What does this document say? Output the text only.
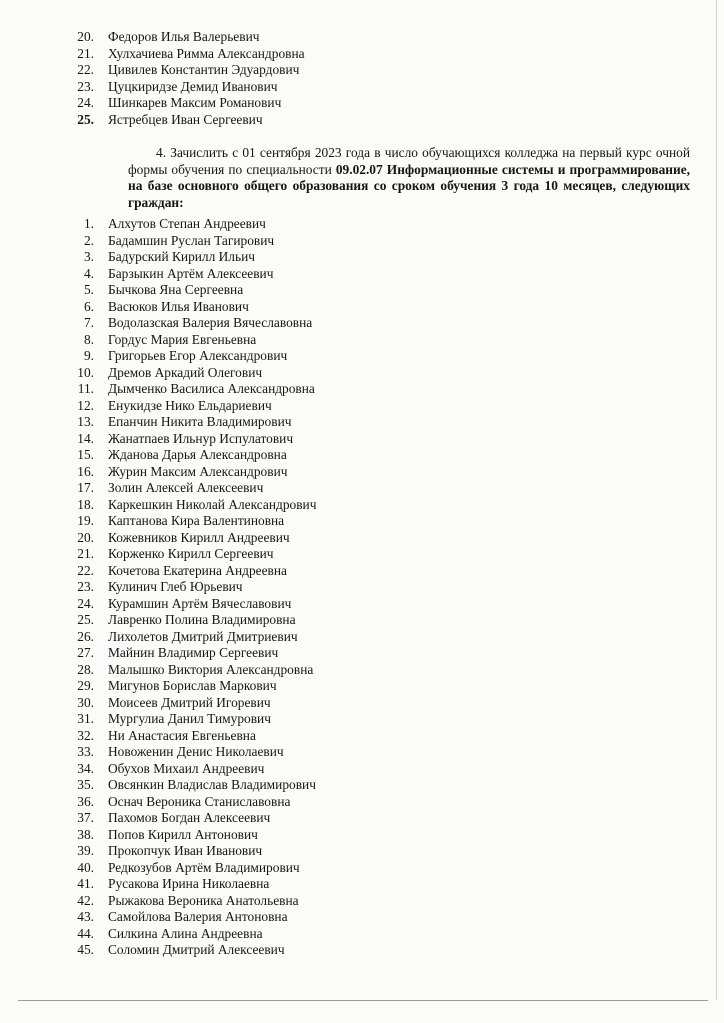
20.	Федоров Илья Валерьевич
21.	Хулхачиева Римма Александровна
22.	Цивилев Константин Эдуардович
23.	Цуцкиридзе Демид Иванович
24.	Шинкарев Максим Романович
25.	Ястребцев Иван Сергеевич
4. Зачислить с 01 сентября 2023 года в число обучающихся колледжа на первый курс очной формы обучения по специальности 09.02.07 Информационные системы и программирование, на базе основного общего образования со сроком обучения 3 года 10 месяцев, следующих граждан:
1.	Алхутов Степан Андреевич
2.	Бадамшин Руслан Тагирович
3.	Бадурский Кирилл Ильич
4.	Барзыкин Артём Алексеевич
5.	Бычкова Яна Сергеевна
6.	Васюков Илья Иванович
7.	Водолазская Валерия Вячеславовна
8.	Гордус Мария Евгеньевна
9.	Григорьев Егор Александрович
10.	Дремов Аркадий Олегович
11.	Дымченко Василиса Александровна
12.	Енукидзе Нико Ельдариевич
13.	Епанчин Никита Владимирович
14.	Жанатпаев Ильнур Испулатович
15.	Жданова Дарья Александровна
16.	Журин Максим Александрович
17.	Золин Алексей Алексеевич
18.	Каркешкин Николай Александрович
19.	Каптанова Кира Валентиновна
20.	Кожевников Кирилл Андреевич
21.	Корженко Кирилл Сергеевич
22.	Кочетова Екатерина Андреевна
23.	Кулинич Глеб Юрьевич
24.	Курамшин Артём Вячеславович
25.	Лавренко Полина Владимировна
26.	Лихолетов Дмитрий Дмитриевич
27.	Майнин Владимир Сергеевич
28.	Малышко Виктория Александровна
29.	Мигунов Борислав Маркович
30.	Моисеев Дмитрий Игоревич
31.	Мургулиа Данил Тимурович
32.	Ни Анастасия Евгеньевна
33.	Новоженин Денис Николаевич
34.	Обухов Михаил Андреевич
35.	Овсянкин Владислав Владимирович
36.	Оснач Вероника Станиславовна
37.	Пахомов Богдан Алексеевич
38.	Попов Кирилл Антонович
39.	Прокопчук Иван Иванович
40.	Редкозубов Артём Владимирович
41.	Русакова Ирина Николаевна
42.	Рыжакова Вероника Анатольевна
43.	Самойлова Валерия Антоновна
44.	Силкина Алина Андреевна
45.	Соломин Дмитрий Алексеевич
